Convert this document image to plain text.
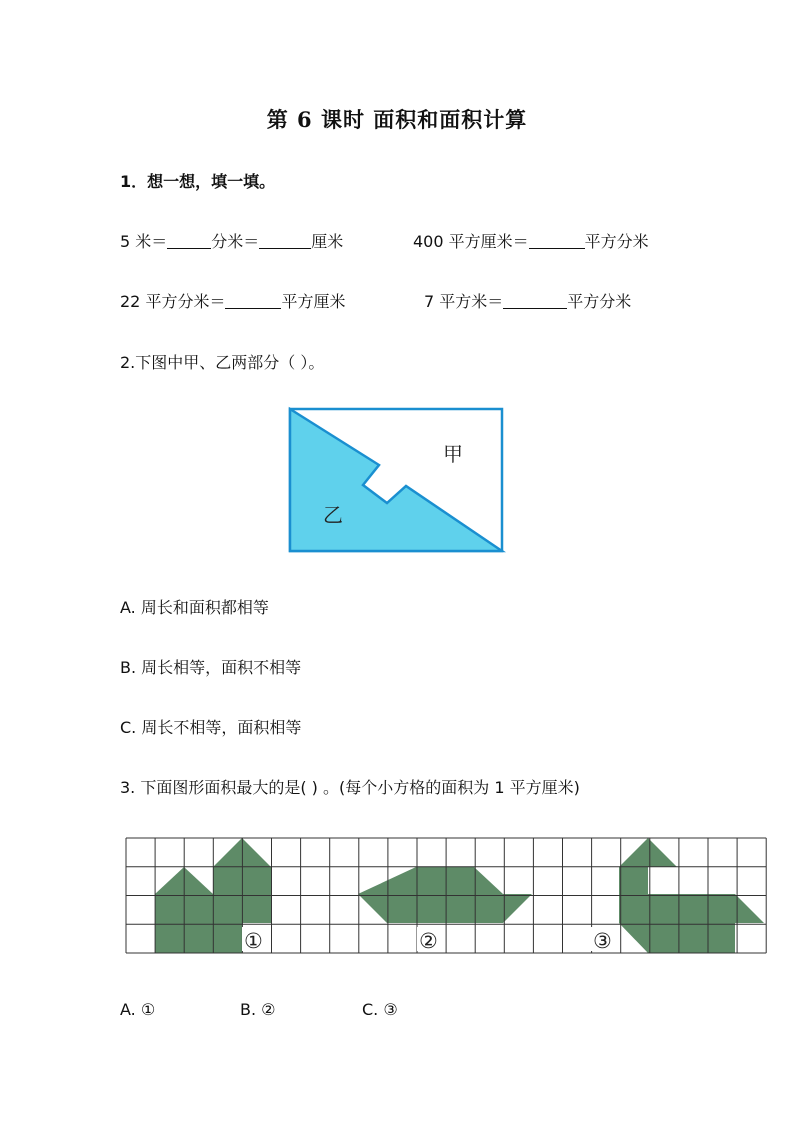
第 6 课时 面积和面积计算
1．想一想，填一填。
5 米＝	分米＝	厘米	400 平方厘米＝	平方分米
22 平方分米＝	平方厘米	7 平方米＝	平方分米
2.下图中甲、乙两部分（ ）。
甲
乙
A. 周长和面积都相等
B. 周长相等，面积不相等
C. 周长不相等，面积相等
3. 下面图形面积最大的是( ) 。(每个小方格的面积为 1 平方厘米)
①	②	③
A. ①	B. ②	C. ③
